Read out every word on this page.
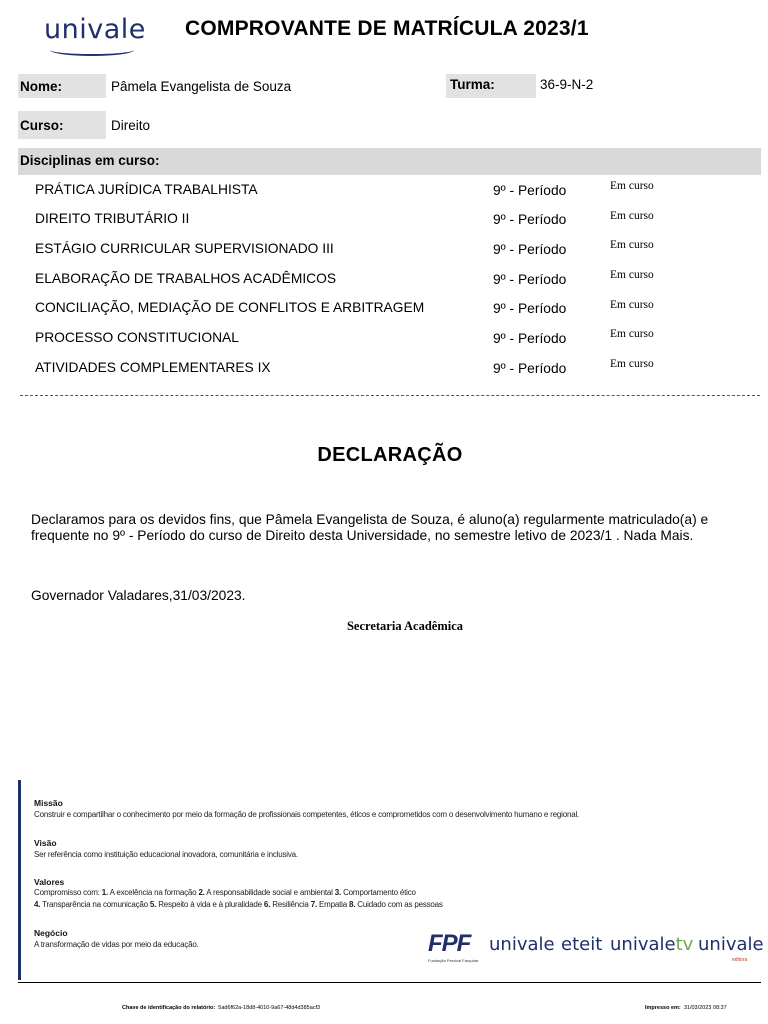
univale COMPROVANTE DE MATRÍCULA 2023/1
Nome:	Pâmela Evangelista de Souza	Turma:	36-9-N-2
Curso:	Direito
Disciplinas em curso:
PRÁTICA JURÍDICA TRABALHISTA	9º - Período	Em curso
DIREITO TRIBUTÁRIO II	9º - Período	Em curso
ESTÁGIO CURRICULAR SUPERVISIONADO III	9º - Período	Em curso
ELABORAÇÃO DE TRABALHOS ACADÊMICOS	9º - Período	Em curso
CONCILIAÇÃO, MEDIAÇÃO DE CONFLITOS E ARBITRAGEM	9º - Período	Em curso
PROCESSO CONSTITUCIONAL	9º - Período	Em curso
ATIVIDADES COMPLEMENTARES IX	9º - Período	Em curso
DECLARAÇÃO
Declaramos para os devidos fins, que Pâmela Evangelista de Souza, é aluno(a) regularmente matriculado(a) e frequente no 9º - Período do curso de Direito desta Universidade, no semestre letivo de 2023/1 . Nada Mais.
Governador Valadares,31/03/2023.
Secretaria Acadêmica
Missão
Construir e compartilhar o conhecimento por meio da formação de profissionais competentes, éticos e comprometidos com o desenvolvimento humano e regional.
Visão
Ser referência como instituição educacional inovadora, comunitária e inclusiva.
Valores
Compromisso com: 1. A excelência na formação 2. A responsabilidade social e ambiental 3. Comportamento ético
4. Transparência na comunicação 5. Respeito à vida e à pluralidade 6. Resiliência 7. Empatia 8. Cuidado com as pessoas
Negócio
A transformação de vidas por meio da educação.	FPF
Fundação Percival Farquhar
univale eteit univaletv univale
editora
Chave de identificação do relatório: 5ad6f62a-18d8-4010-9a67-48d4d385acf3	Impresso em: 31/03/2023 08:37
